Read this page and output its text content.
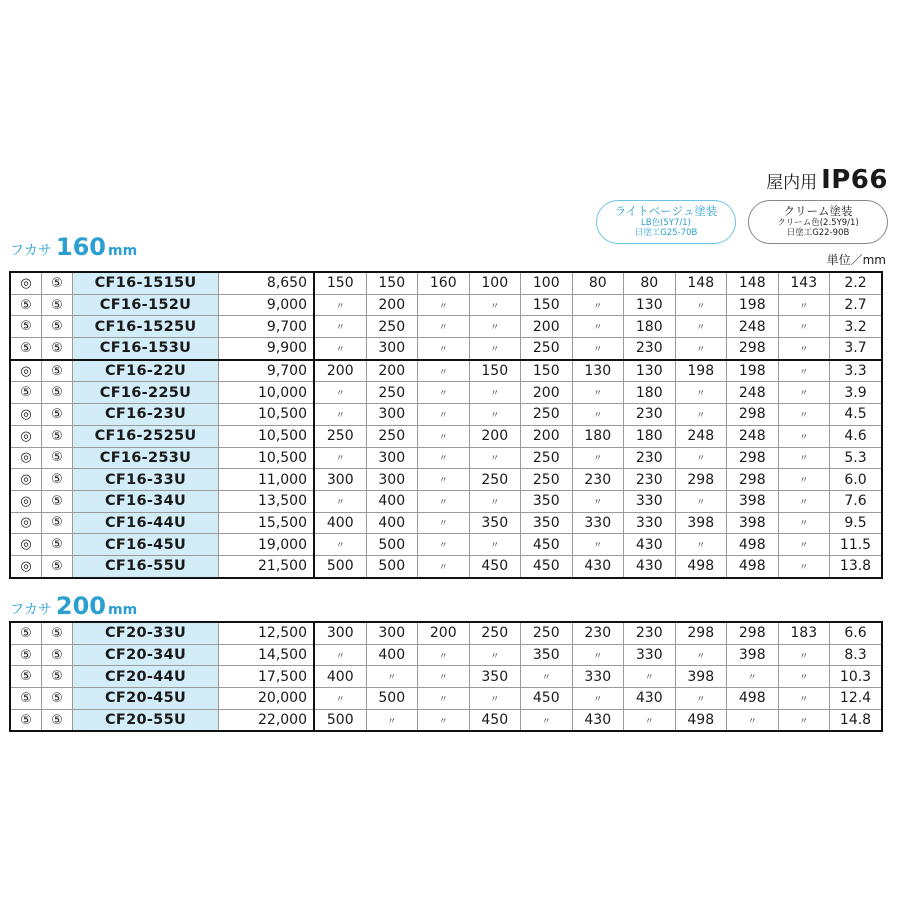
屋内用 IP66
ライトベージュ塗装
LB色(5Y7/1)
日塗工G25-70B
クリーム塗装
クリーム色(2.5Y9/1)
日塗工G22-90B
単位／mm
フカサ 160 mm
◎	⑤	CF16-1515U	8,650	150	150	160	100	100	80	80	148	148	143	2.2
⑤	⑤	CF16-152U	9,000	〃	200	〃	〃	150	〃	130	〃	198	〃	2.7
⑤	⑤	CF16-1525U	9,700	〃	250	〃	〃	200	〃	180	〃	248	〃	3.2
⑤	⑤	CF16-153U	9,900	〃	300	〃	〃	250	〃	230	〃	298	〃	3.7
◎	⑤	CF16-22U	9,700	200	200	〃	150	150	130	130	198	198	〃	3.3
⑤	⑤	CF16-225U	10,000	〃	250	〃	〃	200	〃	180	〃	248	〃	3.9
◎	⑤	CF16-23U	10,500	〃	300	〃	〃	250	〃	230	〃	298	〃	4.5
◎	⑤	CF16-2525U	10,500	250	250	〃	200	200	180	180	248	248	〃	4.6
◎	⑤	CF16-253U	10,500	〃	300	〃	〃	250	〃	230	〃	298	〃	5.3
◎	⑤	CF16-33U	11,000	300	300	〃	250	250	230	230	298	298	〃	6.0
◎	⑤	CF16-34U	13,500	〃	400	〃	〃	350	〃	330	〃	398	〃	7.6
◎	⑤	CF16-44U	15,500	400	400	〃	350	350	330	330	398	398	〃	9.5
◎	⑤	CF16-45U	19,000	〃	500	〃	〃	450	〃	430	〃	498	〃	11.5
◎	⑤	CF16-55U	21,500	500	500	〃	450	450	430	430	498	498	〃	13.8
フカサ 200 mm
⑤	⑤	CF20-33U	12,500	300	300	200	250	250	230	230	298	298	183	6.6
⑤	⑤	CF20-34U	14,500	〃	400	〃	〃	350	〃	330	〃	398	〃	8.3
⑤	⑤	CF20-44U	17,500	400	〃	〃	350	〃	330	〃	398	〃	〃	10.3
⑤	⑤	CF20-45U	20,000	〃	500	〃	〃	450	〃	430	〃	498	〃	12.4
⑤	⑤	CF20-55U	22,000	500	〃	〃	450	〃	430	〃	498	〃	〃	14.8
